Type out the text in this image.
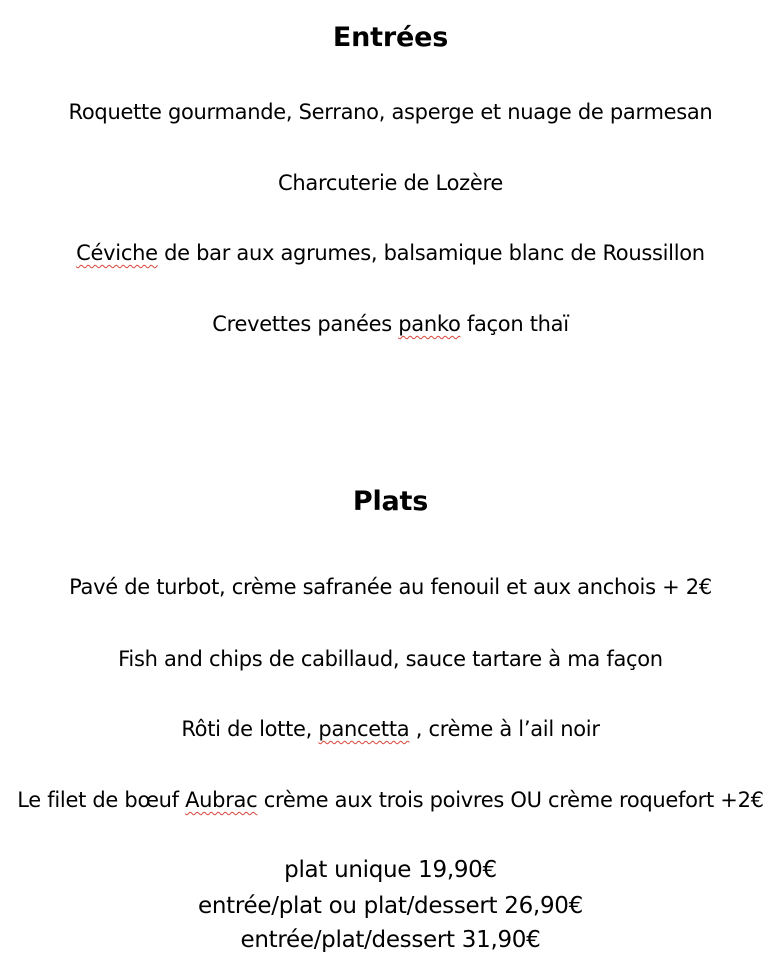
Entrées
Roquette gourmande, Serrano, asperge et nuage de parmesan
Charcuterie de Lozère
Céviche de bar aux agrumes, balsamique blanc de Roussillon
Crevettes panées panko façon thaï
Plats
Pavé de turbot, crème safranée au fenouil et aux anchois + 2€
Fish and chips de cabillaud, sauce tartare à ma façon
Rôti de lotte, pancetta , crème à l’ail noir
Le filet de bœuf Aubrac crème aux trois poivres OU crème roquefort +2€
plat unique 19,90€
entrée/plat ou plat/dessert 26,90€
entrée/plat/dessert 31,90€
